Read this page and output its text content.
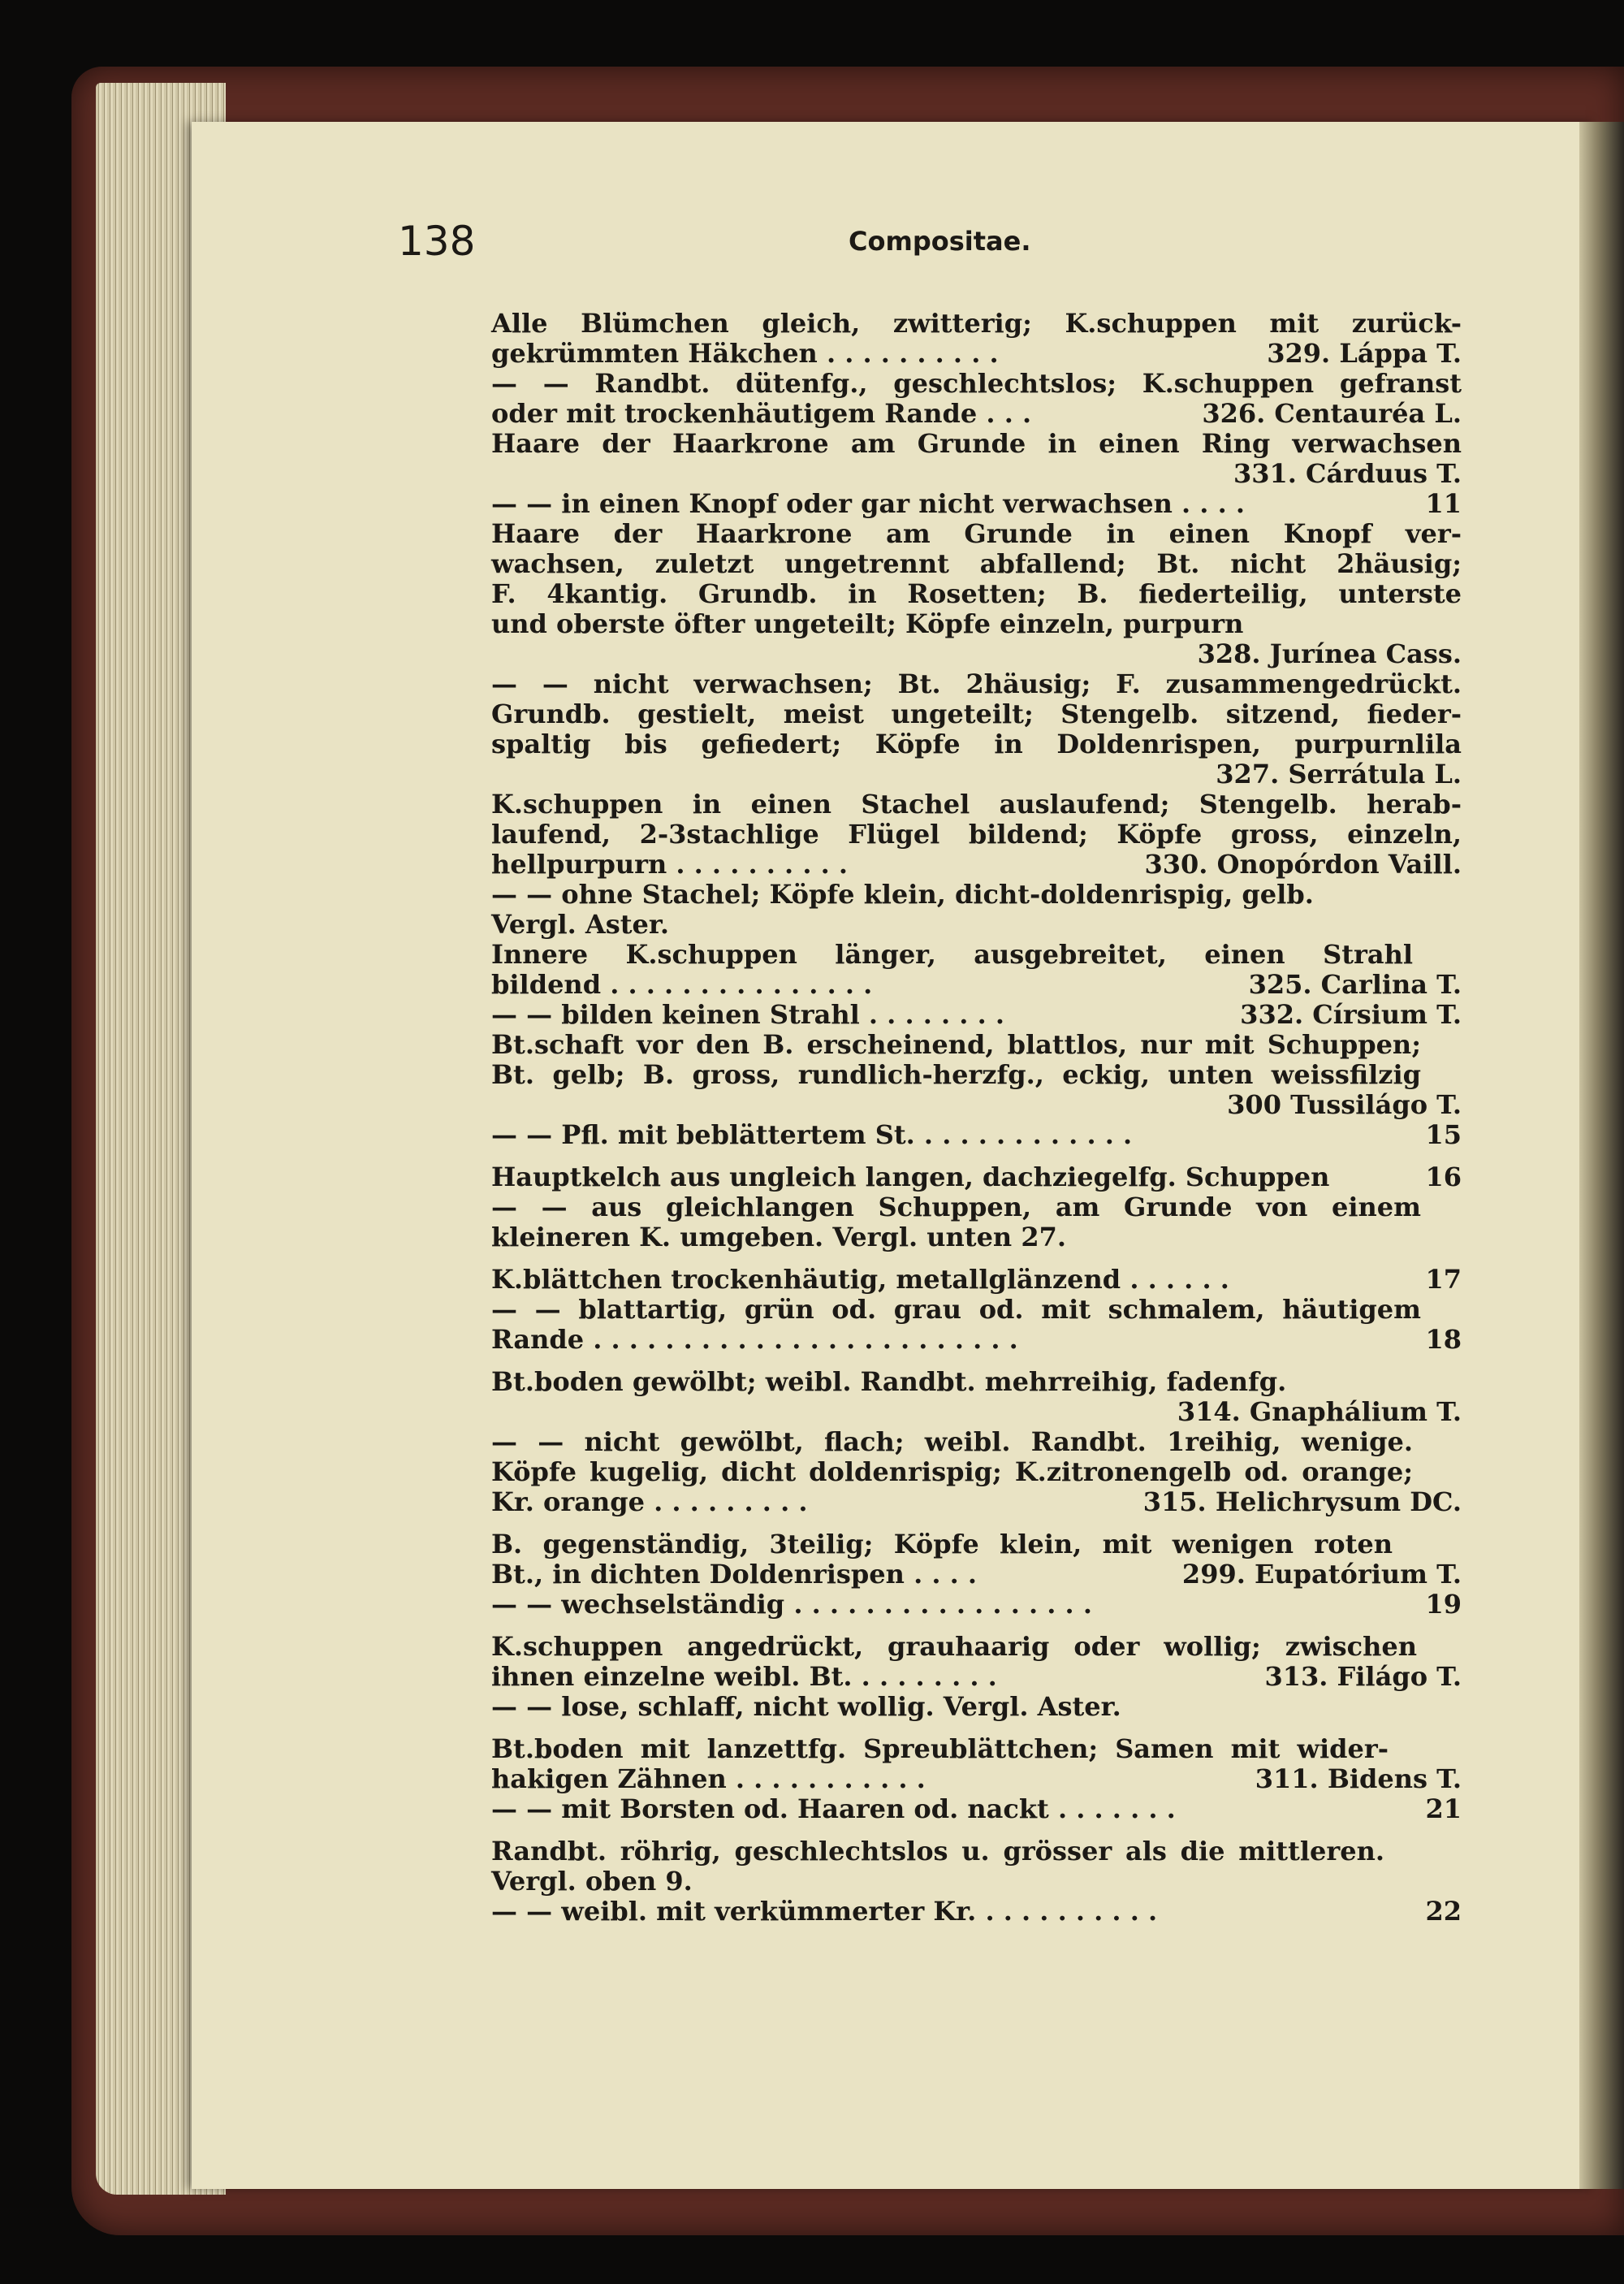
138	Compositae.
Alle Blümchen gleich, zwitterig; K.schuppen mit zurück-
gekrümmten Häkchen . . . . . . . . . .	329. Láppa T.
— — Randbt. dütenfg., geschlechtslos; K.schuppen gefranst
oder mit trockenhäutigem Rande . . .	326. Centauréa L.
Haare der Haarkrone am Grunde in einen Ring verwachsen
331. Cárduus T.
— — in einen Knopf oder gar nicht verwachsen . . . .	11
Haare der Haarkrone am Grunde in einen Knopf ver-
wachsen, zuletzt ungetrennt abfallend; Bt. nicht 2häusig;
F. 4kantig. Grundb. in Rosetten; B. fiederteilig, unterste
und oberste öfter ungeteilt; Köpfe einzeln, purpurn
328. Jurínea Cass.
— — nicht verwachsen; Bt. 2häusig; F. zusammengedrückt.
Grundb. gestielt, meist ungeteilt; Stengelb. sitzend, fieder-
spaltig bis gefiedert; Köpfe in Doldenrispen, purpurnlila
327. Serrátula L.
K.schuppen in einen Stachel auslaufend; Stengelb. herab-
laufend, 2-3stachlige Flügel bildend; Köpfe gross, einzeln,
hellpurpurn . . . . . . . . . .	330. Onopórdon Vaill.
— — ohne Stachel; Köpfe klein, dicht-doldenrispig, gelb.
Vergl. Aster.
Innere K.schuppen länger, ausgebreitet, einen Strahl
bildend . . . . . . . . . . . . . . .	325. Carlina T.
— — bilden keinen Strahl . . . . . . . .	332. Círsium T.
Bt.schaft vor den B. erscheinend, blattlos, nur mit Schuppen;
Bt. gelb; B. gross, rundlich-herzfg., eckig, unten weissfilzig
300 Tussilágo T.
— — Pfl. mit beblättertem St. . . . . . . . . . . . .	15
Hauptkelch aus ungleich langen, dachziegelfg. Schuppen	16
— — aus gleichlangen Schuppen, am Grunde von einem
kleineren K. umgeben. Vergl. unten 27.
K.blättchen trockenhäutig, metallglänzend . . . . . .	17
— — blattartig, grün od. grau od. mit schmalem, häutigem
Rande . . . . . . . . . . . . . . . . . . . . . . . .	18
Bt.boden gewölbt; weibl. Randbt. mehrreihig, fadenfg.
314. Gnaphálium T.
— — nicht gewölbt, flach; weibl. Randbt. 1reihig, wenige.
Köpfe kugelig, dicht doldenrispig; K.zitronengelb od. orange;
Kr. orange . . . . . . . . .	315. Helichrysum DC.
B. gegenständig, 3teilig; Köpfe klein, mit wenigen roten
Bt., in dichten Doldenrispen . . . .	299. Eupatórium T.
— — wechselständig . . . . . . . . . . . . . . . . .	19
K.schuppen angedrückt, grauhaarig oder wollig; zwischen
ihnen einzelne weibl. Bt. . . . . . . . .	313. Filágo T.
— — lose, schlaff, nicht wollig. Vergl. Aster.
Bt.boden mit lanzettfg. Spreublättchen; Samen mit wider-
hakigen Zähnen . . . . . . . . . . .	311. Bidens T.
— — mit Borsten od. Haaren od. nackt . . . . . . .	21
Randbt. röhrig, geschlechtslos u. grösser als die mittleren.
Vergl. oben 9.
— — weibl. mit verkümmerter Kr. . . . . . . . . . .	22
